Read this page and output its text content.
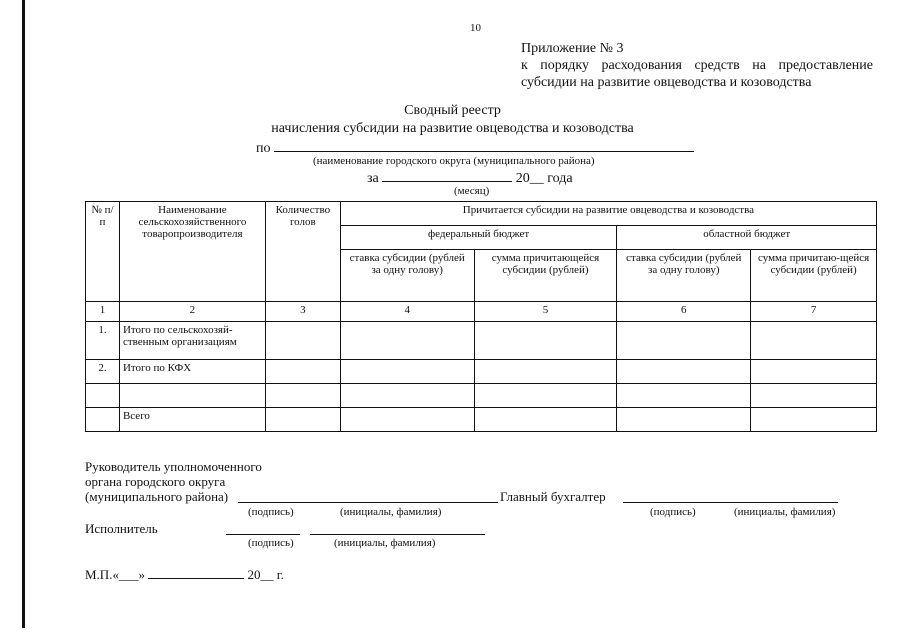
10
Приложение № 3
к порядку расходования средств на предоставление
субсидии на развитие овцеводства и козоводства
Сводный реестр
начисления субсидии на развитие овцеводства и козоводства
по
(наименование городского округа (муниципального района)
за	20__ года
(месяц)
№ п/п	Наименование сельскохозяйственного товаропроизводителя	Количество голов	Причитается субсидии на развитие овцеводства и козоводства			
			федеральный бюджет		областной бюджет	
			ставка субсидии (рублей за одну голову)	сумма причитающейся субсидии (рублей)	ставка субсидии (рублей за одну голову)	сумма причитаю-щейся субсидии (рублей)
1	2	3	4	5	6	7
1.	Итого по сельскохозяй-ственным организациям					
2.	Итого по КФХ					

	Всего					
Руководитель уполномоченного
органа городского округа
(муниципального района)	Главный бухгалтер
(подпись)	(инициалы, фамилия)	(подпись)	(инициалы, фамилия)
Исполнитель
(подпись)	(инициалы, фамилия)
М.П.«___»	20__ г.
